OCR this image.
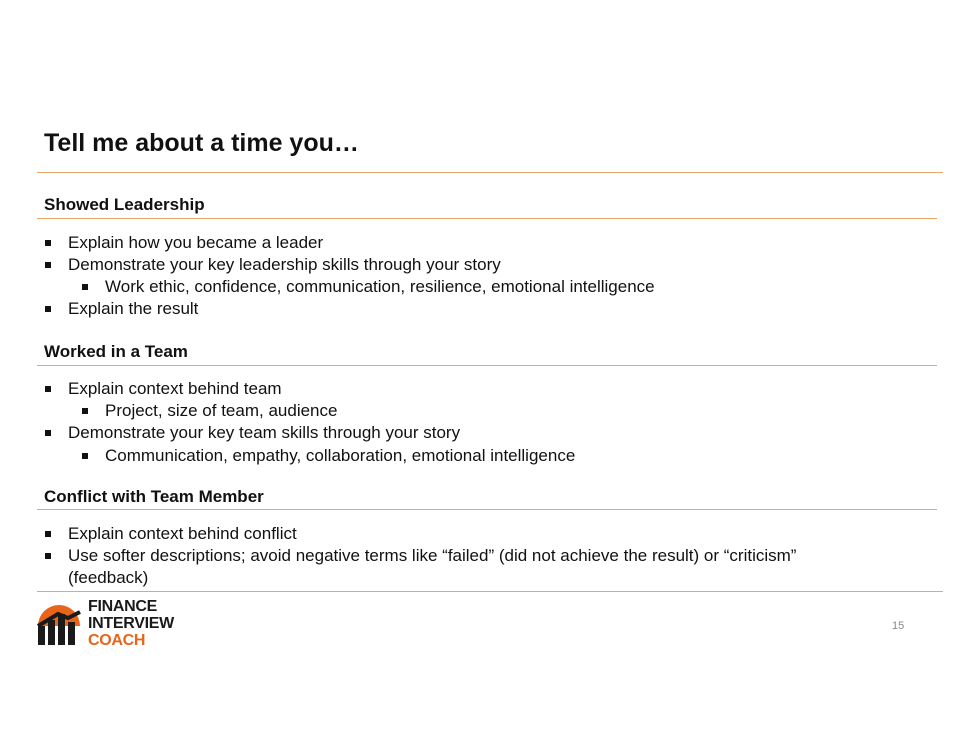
Tell me about a time you…
Showed Leadership
Explain how you became a leader
Demonstrate your key leadership skills through your story
Work ethic, confidence, communication, resilience, emotional intelligence
Explain the result
Worked in a Team
Explain context behind team
Project, size of team, audience
Demonstrate your key team skills through your story
Communication, empathy, collaboration, emotional intelligence
Conflict with Team Member
Explain context behind conflict
Use softer descriptions; avoid negative terms like “failed” (did not achieve the result) or “criticism”
(feedback)
FINANCE
INTERVIEW
COACH
15
